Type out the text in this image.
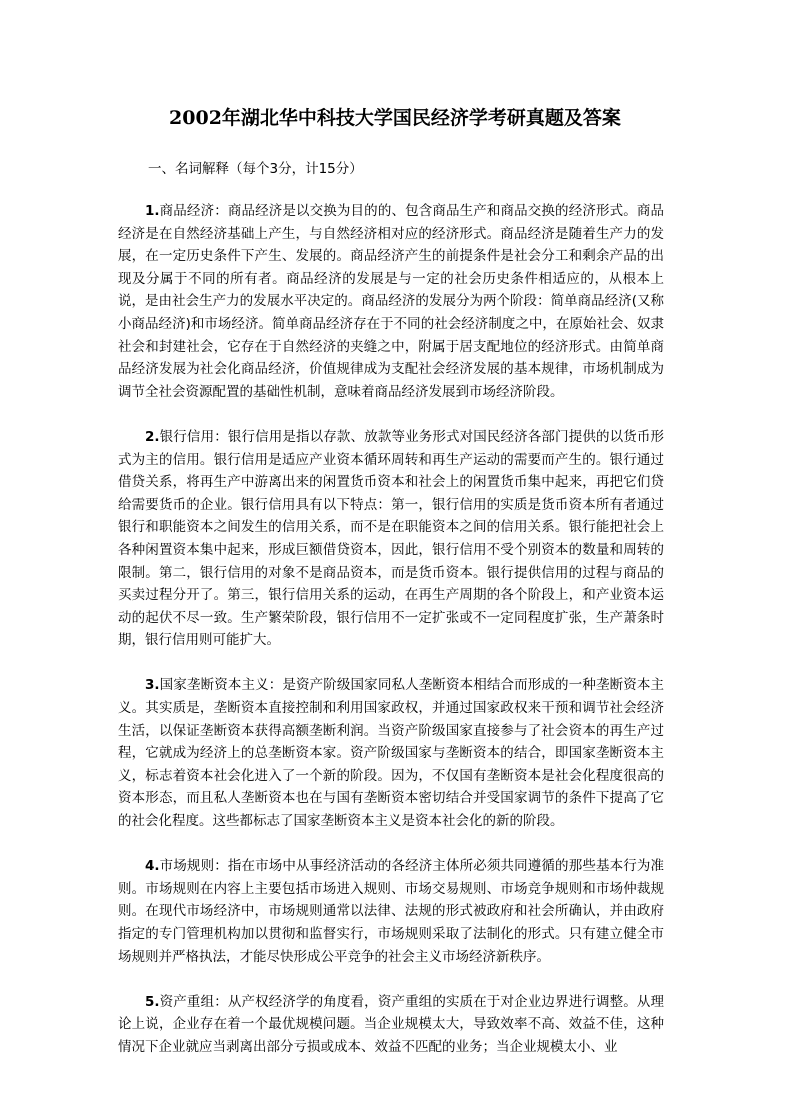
2002年湖北华中科技大学国民经济学考研真题及答案

一、名词解释（每个3分，计15分）

1.商品经济：商品经济是以交换为目的的、包含商品生产和商品交换的经济形式。商品经济是在自然经济基础上产生，与自然经济相对应的经济形式。商品经济是随着生产力的发展，在一定历史条件下产生、发展的。商品经济产生的前提条件是社会分工和剩余产品的出现及分属于不同的所有者。商品经济的发展是与一定的社会历史条件相适应的，从根本上说，是由社会生产力的发展水平决定的。商品经济的发展分为两个阶段：简单商品经济(又称小商品经济)和市场经济。简单商品经济存在于不同的社会经济制度之中，在原始社会、奴隶社会和封建社会，它存在于自然经济的夹缝之中，附属于居支配地位的经济形式。由简单商品经济发展为社会化商品经济，价值规律成为支配社会经济发展的基本规律，市场机制成为调节全社会资源配置的基础性机制，意味着商品经济发展到市场经济阶段。

2.银行信用：银行信用是指以存款、放款等业务形式对国民经济各部门提供的以货币形式为主的信用。银行信用是适应产业资本循环周转和再生产运动的需要而产生的。银行通过借贷关系，将再生产中游离出来的闲置货币资本和社会上的闲置货币集中起来，再把它们贷给需要货币的企业。银行信用具有以下特点：第一，银行信用的实质是货币资本所有者通过银行和职能资本之间发生的信用关系，而不是在职能资本之间的信用关系。银行能把社会上各种闲置资本集中起来，形成巨额借贷资本，因此，银行信用不受个别资本的数量和周转的限制。第二，银行信用的对象不是商品资本，而是货币资本。银行提供信用的过程与商品的买卖过程分开了。第三，银行信用关系的运动，在再生产周期的各个阶段上，和产业资本运动的起伏不尽一致。生产繁荣阶段，银行信用不一定扩张或不一定同程度扩张，生产萧条时期，银行信用则可能扩大。

3.国家垄断资本主义：是资产阶级国家同私人垄断资本相结合而形成的一种垄断资本主义。其实质是，垄断资本直接控制和利用国家政权，并通过国家政权来干预和调节社会经济生活，以保证垄断资本获得高额垄断利润。当资产阶级国家直接参与了社会资本的再生产过程，它就成为经济上的总垄断资本家。资产阶级国家与垄断资本的结合，即国家垄断资本主义，标志着资本社会化进入了一个新的阶段。因为，不仅国有垄断资本是社会化程度很高的资本形态，而且私人垄断资本也在与国有垄断资本密切结合并受国家调节的条件下提高了它的社会化程度。这些都标志了国家垄断资本主义是资本社会化的新的阶段。

4.市场规则：指在市场中从事经济活动的各经济主体所必须共同遵循的那些基本行为准则。市场规则在内容上主要包括市场进入规则、市场交易规则、市场竞争规则和市场仲裁规则。在现代市场经济中，市场规则通常以法律、法规的形式被政府和社会所确认，并由政府指定的专门管理机构加以贯彻和监督实行，市场规则采取了法制化的形式。只有建立健全市场规则并严格执法，才能尽快形成公平竞争的社会主义市场经济新秩序。

5.资产重组：从产权经济学的角度看，资产重组的实质在于对企业边界进行调整。从理论上说，企业存在着一个最优规模问题。当企业规模太大，导致效率不高、效益不佳，这种情况下企业就应当剥离出部分亏损或成本、效益不匹配的业务；当企业规模太小、业
